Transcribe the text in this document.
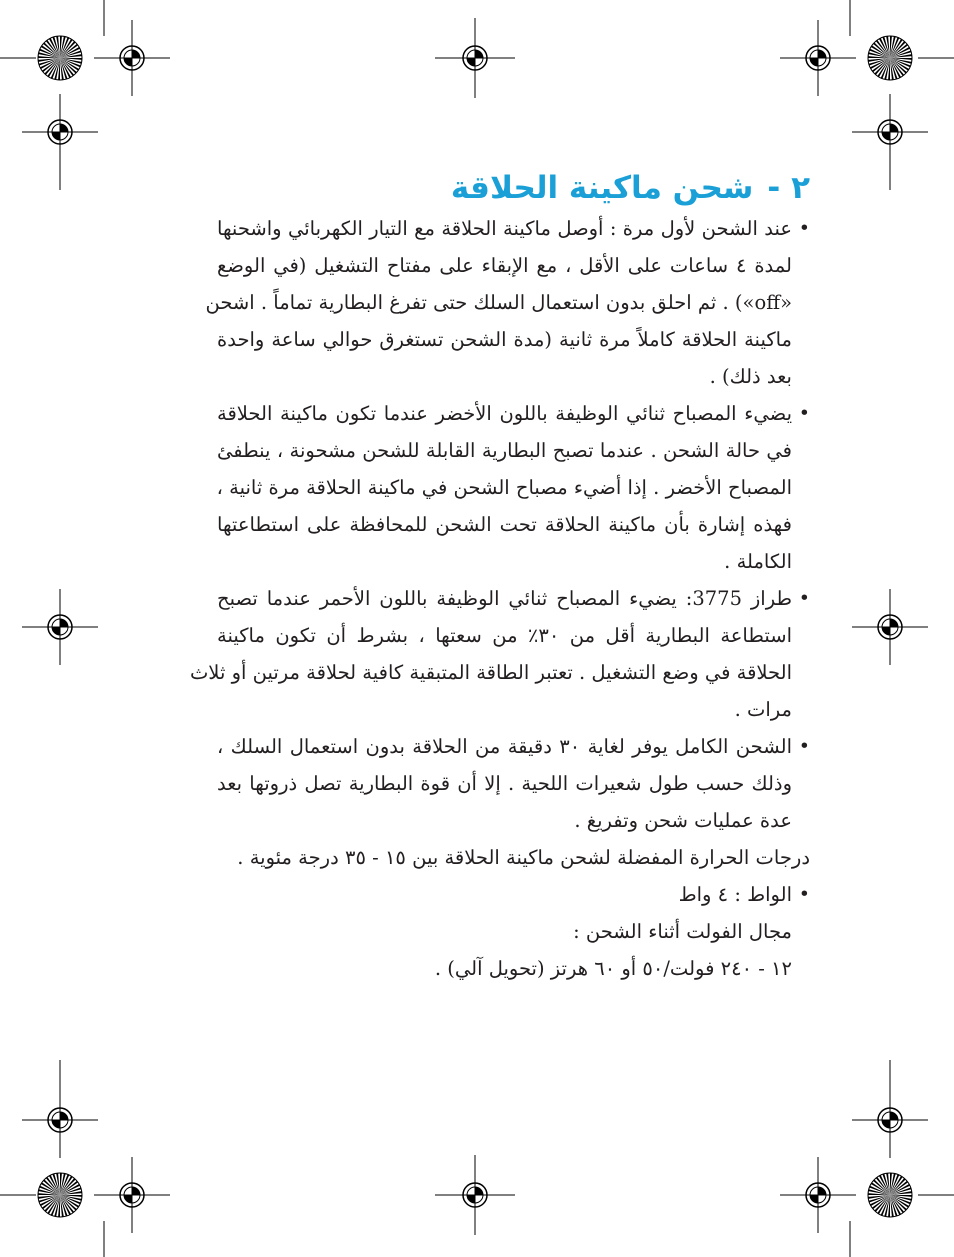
٢ -شحن ماكينة الحلاقة
•
عند الشحن لأول مرة : أوصل ماكينة الحلاقة مع التيار الكهربائي واشحنها
لمدة ٤ ساعات على الأقل ، مع الإبقاء على مفتاح التشغيل (في الوضع
«off») . ثم احلق بدون استعمال السلك حتى تفرغ البطارية تماماً . اشحن
ماكينة الحلاقة كاملاً مرة ثانية (مدة الشحن تستغرق حوالي ساعة واحدة
بعد ذلك) .
•
يضيء المصباح ثنائي الوظيفة باللون الأخضر عندما تكون ماكينة الحلاقة
في حالة الشحن . عندما تصبح البطارية القابلة للشحن مشحونة ، ينطفئ
المصباح الأخضر . إذا أضيء مصباح الشحن في ماكينة الحلاقة مرة ثانية ،
فهذه إشارة بأن ماكينة الحلاقة تحت الشحن للمحافظة على استطاعتها
الكاملة .
•
طراز 3775: يضيء المصباح ثنائي الوظيفة باللون الأحمر عندما تصبح
استطاعة البطارية أقل من ٣٠٪ من سعتها ، بشرط أن تكون ماكينة
الحلاقة في وضع التشغيل . تعتبر الطاقة المتبقية كافية لحلاقة مرتين أو ثلاث
مرات .
•
الشحن الكامل يوفر لغاية ٣٠ دقيقة من الحلاقة بدون استعمال السلك ،
وذلك حسب طول شعيرات اللحية . إلا أن قوة البطارية تصل ذروتها بعد
عدة عمليات شحن وتفريغ .
درجات الحرارة المفضلة لشحن ماكينة الحلاقة بين ١٥ - ٣٥ درجة مئوية .
•
الواط : ٤ واط
مجال الفولت أثناء الشحن :
١٢ - ٢٤٠ فولت/٥٠ أو ٦٠ هرتز (تحويل آلي) .
